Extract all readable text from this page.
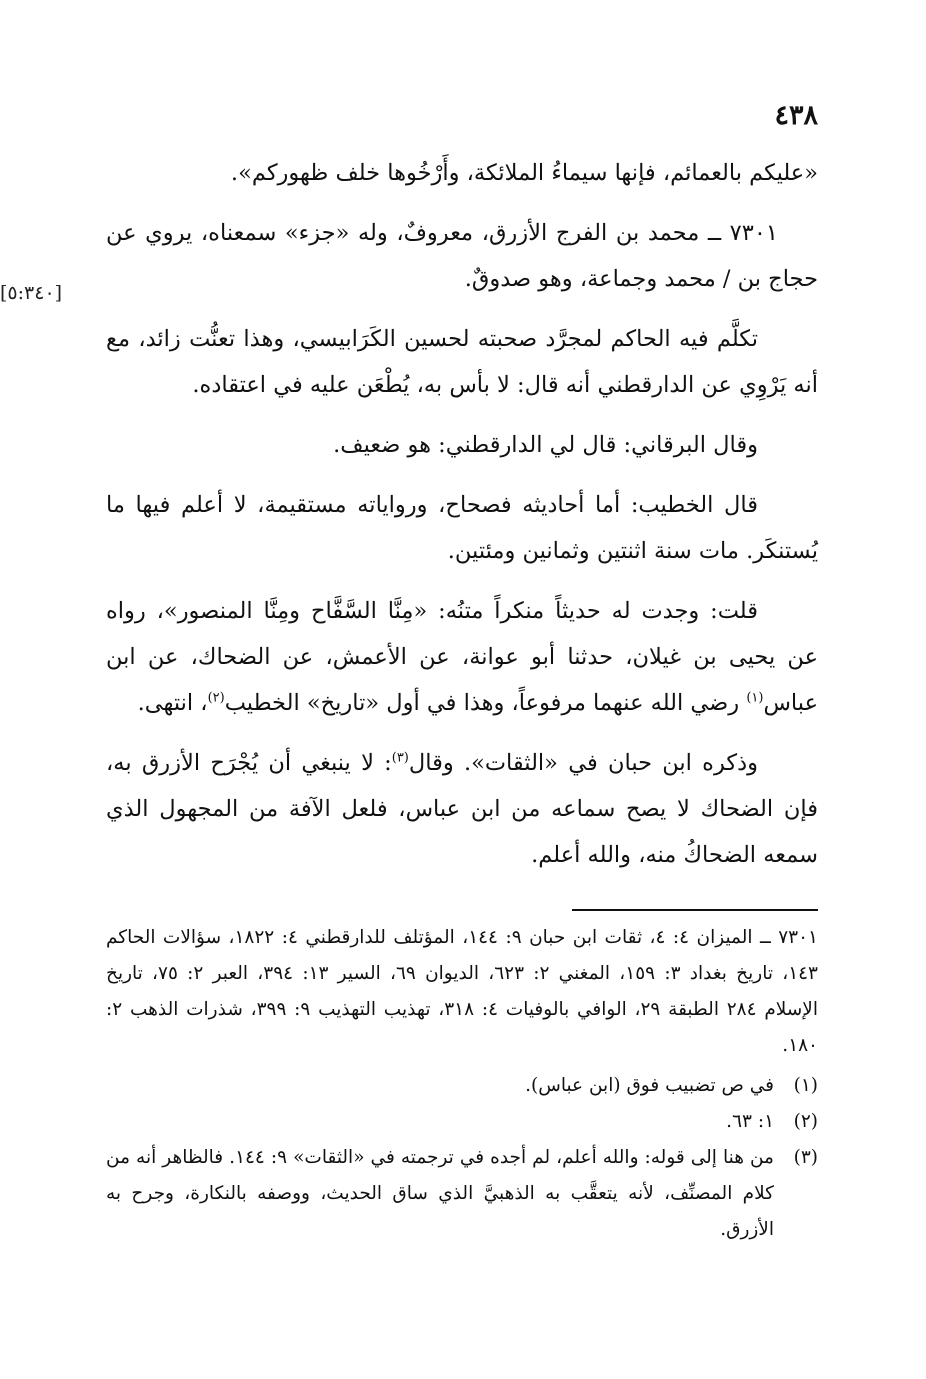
٤٣٨

«عليكم بالعمائم، فإنها سيماءُ الملائكة، وأَرْخُوها خلف ظهوركم».

٧٣٠١ ــ محمد بن الفرج الأزرق، معروفٌ، وله «جزء» سمعناه، يروي عن حجاج بن / محمد وجماعة، وهو صدوقٌ.

[٥:٣٤٠]

تكلَّم فيه الحاكم لمجرَّد صحبته لحسين الكَرَابيسي، وهذا تعنُّت زائد، مع أنه يَرْوِي عن الدارقطني أنه قال: لا بأس به، يُطْعَن عليه في اعتقاده.

وقال البرقاني: قال لي الدارقطني: هو ضعيف.

قال الخطيب: أما أحاديثه فصحاح، ورواياته مستقيمة، لا أعلم فيها ما يُستنكَر. مات سنة اثنتين وثمانين ومئتين.

قلت: وجدت له حديثاً منكراً متنُه: «مِنَّا السَّفَّاح ومِنَّا المنصور»، رواه عن يحيى بن غيلان، حدثنا أبو عوانة، عن الأعمش، عن الضحاك، عن ابن عباس$^{(١)}$ رضي الله عنهما مرفوعاً، وهذا في أول «تاريخ» الخطيب$^{(٢)}$، انتهى.

وذكره ابن حبان في «الثقات». وقال$^{(٣)}$: لا ينبغي أن يُجْرَح الأزرق به، فإن الضحاك لا يصح سماعه من ابن عباس، فلعل الآفة من المجهول الذي سمعه الضحاكُ منه، والله أعلم.

٧٣٠١ ــ الميزان ٤: ٤، ثقات ابن حبان ٩: ١٤٤، المؤتلف للدارقطني ٤: ١٨٢٢، سؤالات الحاكم ١٤٣، تاريخ بغداد ٣: ١٥٩، المغني ٢: ٦٢٣، الديوان ٦٩، السير ١٣: ٣٩٤، العبر ٢: ٧٥، تاريخ الإسلام ٢٨٤ الطبقة ٢٩، الوافي بالوفيات ٤: ٣١٨، تهذيب التهذيب ٩: ٣٩٩، شذرات الذهب ٢: ١٨٠.

(١)
في ص تضبيب فوق (ابن عباس).
(٢)
١: ٦٣.
(٣)
من هنا إلى قوله: والله أعلم، لم أجده في ترجمته في «الثقات» ٩: ١٤٤. فالظاهر أنه من كلام المصنِّف، لأنه يتعقَّب به الذهبيَّ الذي ساق الحديث، ووصفه بالنكارة، وجرح به الأزرق.
